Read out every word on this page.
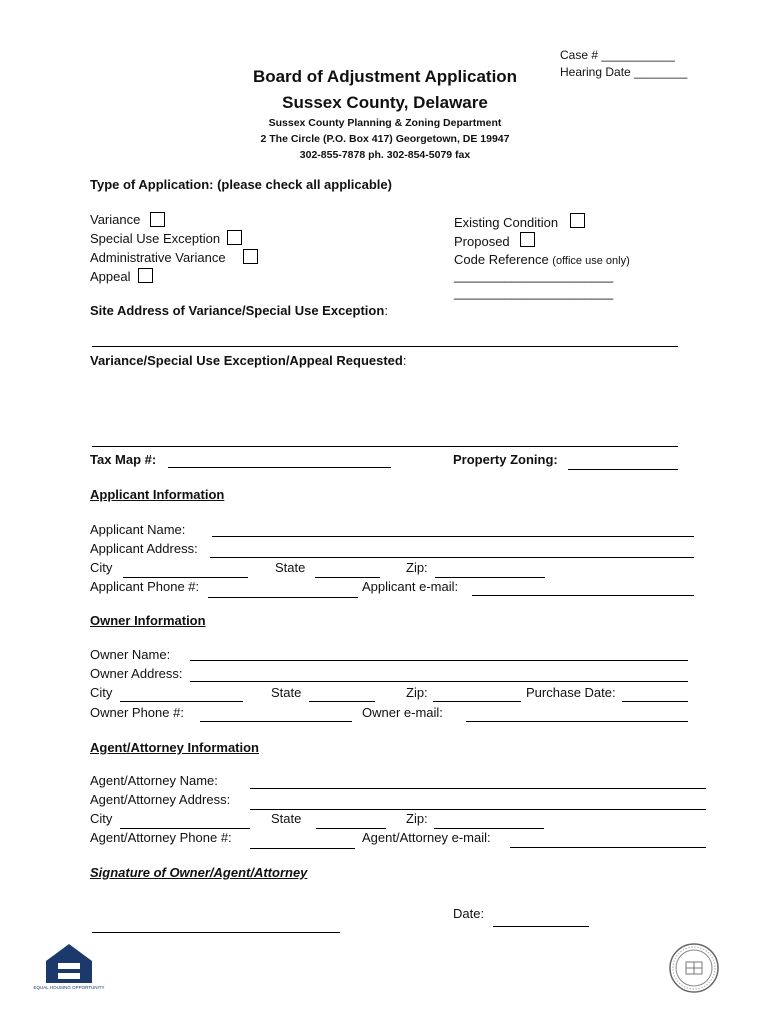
Case # ___________
Hearing Date ________
Board of Adjustment Application
Sussex County, Delaware
Sussex County Planning & Zoning Department
2 The Circle (P.O. Box 417) Georgetown, DE 19947
302-855-7878 ph. 302-854-5079 fax
Type of Application: (please check all applicable)
Variance
Special Use Exception
Administrative Variance
Appeal
Existing Condition
Proposed
Code Reference (office use only)
______________________
______________________
Site Address of Variance/Special Use Exception:
Variance/Special Use Exception/Appeal Requested:
Tax Map #:	Property Zoning:
Applicant Information
Applicant Name:
Applicant Address:
City	State	Zip:
Applicant Phone #:	Applicant e-mail:
Owner Information
Owner Name:
Owner Address:
City	State	Zip:	Purchase Date:
Owner Phone #:	Owner e-mail:
Agent/Attorney Information
Agent/Attorney Name:
Agent/Attorney Address:
City	State	Zip:
Agent/Attorney Phone #:	Agent/Attorney e-mail:
Signature of Owner/Agent/Attorney
Date:
EQUAL HOUSING OPPORTUNITY
